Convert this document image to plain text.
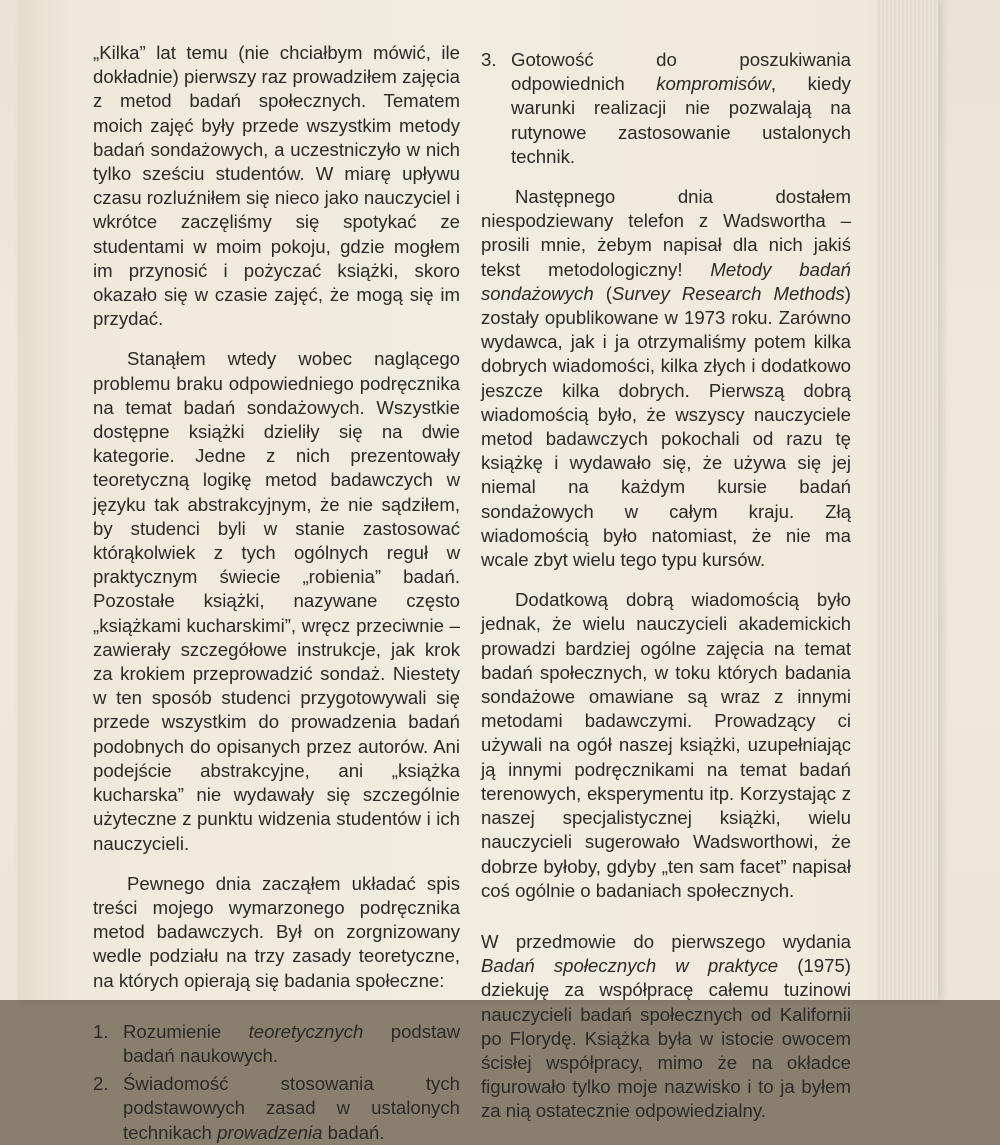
„Kilka” lat temu (nie chciałbym mówić, ile dokładnie) pierwszy raz prowadziłem zajęcia z metod badań społecznych. Tematem moich zajęć były przede wszystkim metody badań sondażowych, a uczestniczyło w nich tylko sześciu studentów. W miarę upływu czasu rozluźniłem się nieco jako nauczyciel i wkrótce zaczęliśmy się spotykać ze studentami w moim pokoju, gdzie mogłem im przynosić i pożyczać książki, skoro okazało się w czasie zajęć, że mogą się im przydać.

Stanąłem wtedy wobec naglącego problemu braku odpowiedniego podręcznika na temat badań sondażowych. Wszystkie dostępne książki dzieliły się na dwie kategorie. Jedne z nich prezentowały teoretyczną logikę metod badawczych w języku tak abstrakcyjnym, że nie sądziłem, by studenci byli w stanie zastosować którąkolwiek z tych ogólnych reguł w praktycznym świecie „robienia” badań. Pozostałe książki, nazywane często „książkami kucharskimi”, wręcz przeciwnie – zawierały szczegółowe instrukcje, jak krok za krokiem przeprowadzić sondaż. Niestety w ten sposób studenci przygotowywali się przede wszystkim do prowadzenia badań podobnych do opisanych przez autorów. Ani podejście abstrakcyjne, ani „książka kucharska” nie wydawały się szczególnie użyteczne z punktu widzenia studentów i ich nauczycieli.

Pewnego dnia zacząłem układać spis treści mojego wymarzonego podręcznika metod badawczych. Był on zorgnizowany wedle podziału na trzy zasady teoretyczne, na których opierają się badania społeczne:

1. Rozumienie teoretycznych podstaw badań naukowych.

2. Świadomość stosowania tych podstawowych zasad w ustalonych technikach prowadzenia badań.

3. Gotowość do poszukiwania odpowiednich kompromisów, kiedy warunki realizacji nie pozwalają na rutynowe zastosowanie ustalonych technik.

Następnego dnia dostałem niespodziewany telefon z Wadswortha – prosili mnie, żebym napisał dla nich jakiś tekst metodologiczny! Metody badań sondażowych (Survey Research Methods) zostały opublikowane w 1973 roku. Zarówno wydawca, jak i ja otrzymaliśmy potem kilka dobrych wiadomości, kilka złych i dodatkowo jeszcze kilka dobrych. Pierwszą dobrą wiadomością było, że wszyscy nauczyciele metod badawczych pokochali od razu tę książkę i wydawało się, że używa się jej niemal na każdym kursie badań sondażowych w całym kraju. Złą wiadomością było natomiast, że nie ma wcale zbyt wielu tego typu kursów.

Dodatkową dobrą wiadomością było jednak, że wielu nauczycieli akademickich prowadzi bardziej ogólne zajęcia na temat badań społecznych, w toku których badania sondażowe omawiane są wraz z innymi metodami badawczymi. Prowadzący ci używali na ogół naszej książki, uzupełniając ją innymi podręcznikami na temat badań terenowych, eksperymentu itp. Korzystając z naszej specjalistycznej książki, wielu nauczycieli sugerowało Wadsworthowi, że dobrze byłoby, gdyby „ten sam facet” napisał coś ogólnie o badaniach społecznych.

W przedmowie do pierwszego wydania Badań społecznych w praktyce (1975) dziekuję za współpracę całemu tuzinowi nauczycieli badań społecznych od Kalifornii po Florydę. Książka była w istocie owocem ścisłej współpracy, mimo że na okładce figurowało tylko moje nazwisko i to ja byłem za nią ostatecznie odpowiedzialny.
